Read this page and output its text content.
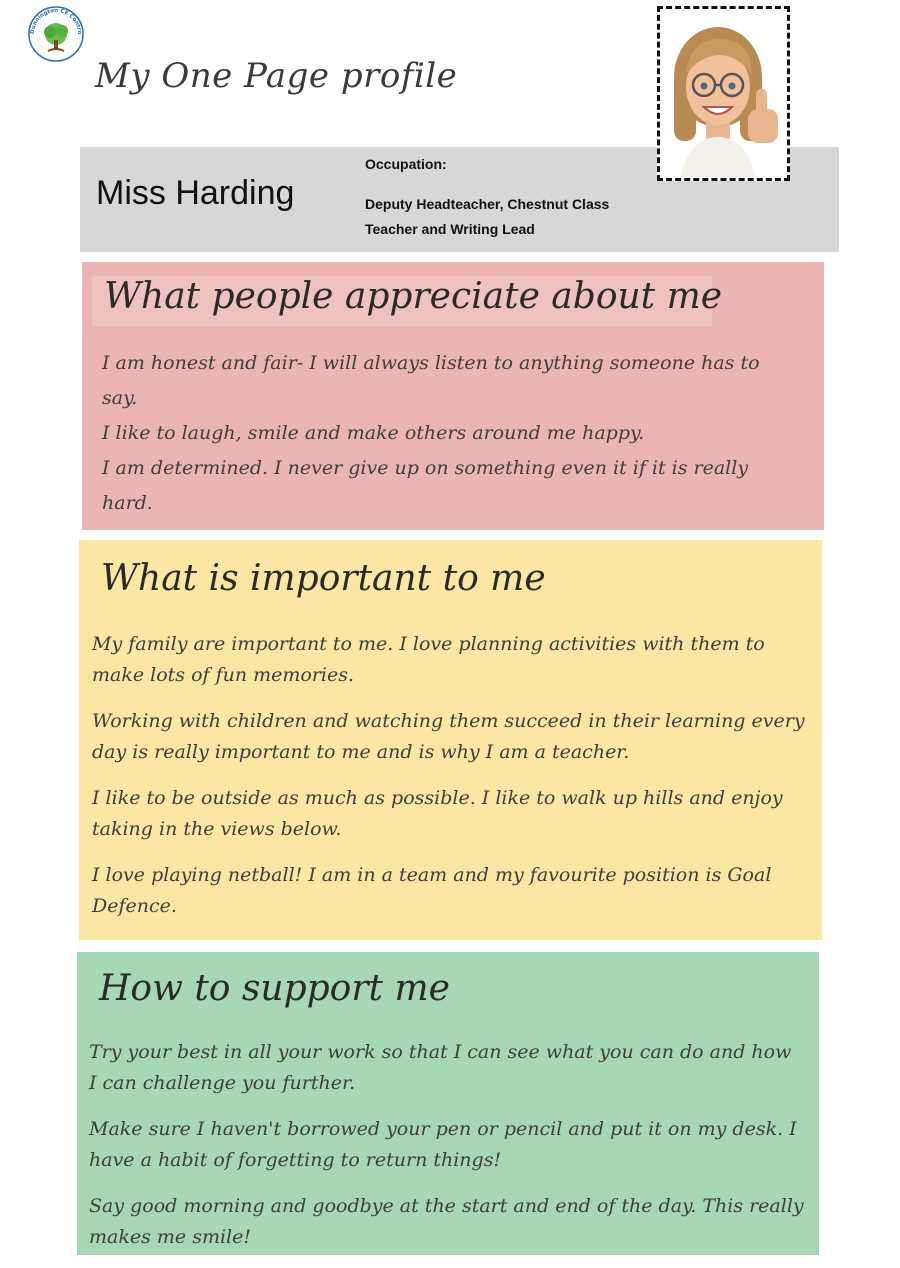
Dunnington CE Contro
My One Page profile
Miss Harding
Occupation:
Deputy Headteacher, Chestnut Class Teacher and Writing Lead
What people appreciate about me
I am honest and fair- I will always listen to anything someone has to say.
I like to laugh, smile and make others around me happy.
I am determined. I never give up on something even it if it is really hard.
What is important to me
My family are important to me. I love planning activities with them to make lots of fun memories.
Working with children and watching them succeed in their learning every day is really important to me and is why I am a teacher.
I like to be outside as much as possible. I like to walk up hills and enjoy taking in the views below.
I love playing netball! I am in a team and my favourite position is Goal Defence.
How to support me
Try your best in all your work so that I can see what you can do and how I can challenge you further.
Make sure I haven't borrowed your pen or pencil and put it on my desk. I have a habit of forgetting to return things!
Say good morning and goodbye at the start and end of the day. This really makes me smile!
